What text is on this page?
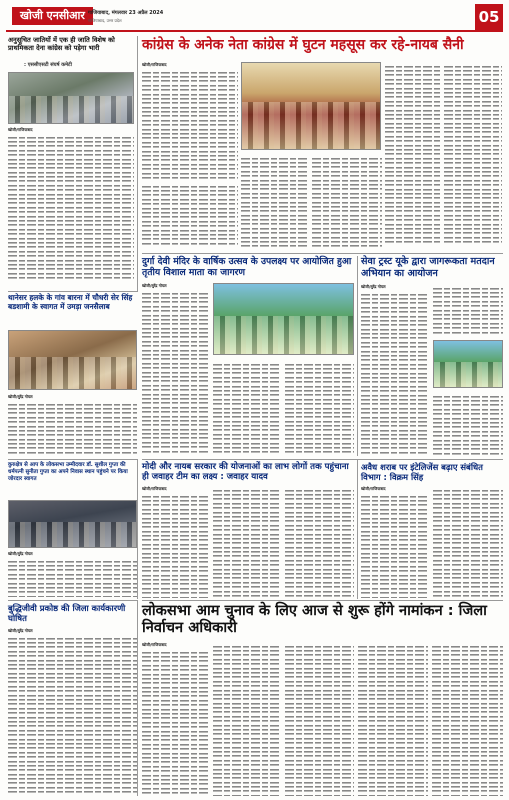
खोजी एनसीआर गाजियाबाद, मंगलवार 23 अप्रैल 2024
गाजियाबाद, उत्तर प्रदेश	05
अनुसूचित जातियों में एक ही जाति विशेष को प्राथमिकता देना कांग्रेस को पड़ेगा भारी
: एससीएसटी संघर्ष कमेटी
खोजी/गाजियाबाद
कांग्रेस के अनेक नेता कांग्रेस में घुटन महसूस कर रहे-नायब सैनी
खोजी/गाजियाबाद
थानेसर हलके के गांव बारना में चौधरी सेर सिंह बडशामी के स्वागत में उमड़ा जनसैलाब
खोजी/सुरेंद्र गोयल
दुर्गा देवी मंदिर के वार्षिक उत्सव के उपलक्ष्य पर आयोजित हुआ तृतीय विशाल माता का जागरण
खोजी/सुरेंद्र गोयल
सेवा ट्रस्ट यूके द्वारा जागरूकता मतदान अभियान का आयोजन
खोजी/सुरेंद्र गोयल
कुरुक्षेत्र से आप के लोकसभा उम्मीदवार डॉ. सुशील गुप्ता की धर्मपत्नी सुनीता गुप्ता का अपने निवास स्थान पहुंचने पर किया जोरदार स्वागत
खोजी/सुरेंद्र गोयल
मोदी और नायब सरकार की योजनाओं का लाभ लोगों तक पहुंचाना ही जवाहर टीम का लक्ष्य : जवाहर यादव
खोजी/गाजियाबाद
अवैध शराब पर इंटेलिजेंस बढ़ाए संबंधित विभाग : विक्रम सिंह
खोजी/गाजियाबाद
बुद्धिजीवी प्रकोष्ठ की जिला कार्यकारणी घोषित
खोजी/सुरेंद्र गोयल
लोकसभा आम चुनाव के लिए आज से शुरू होंगे नामांकन : जिला निर्वाचन अधिकारी
खोजी/गाजियाबाद
